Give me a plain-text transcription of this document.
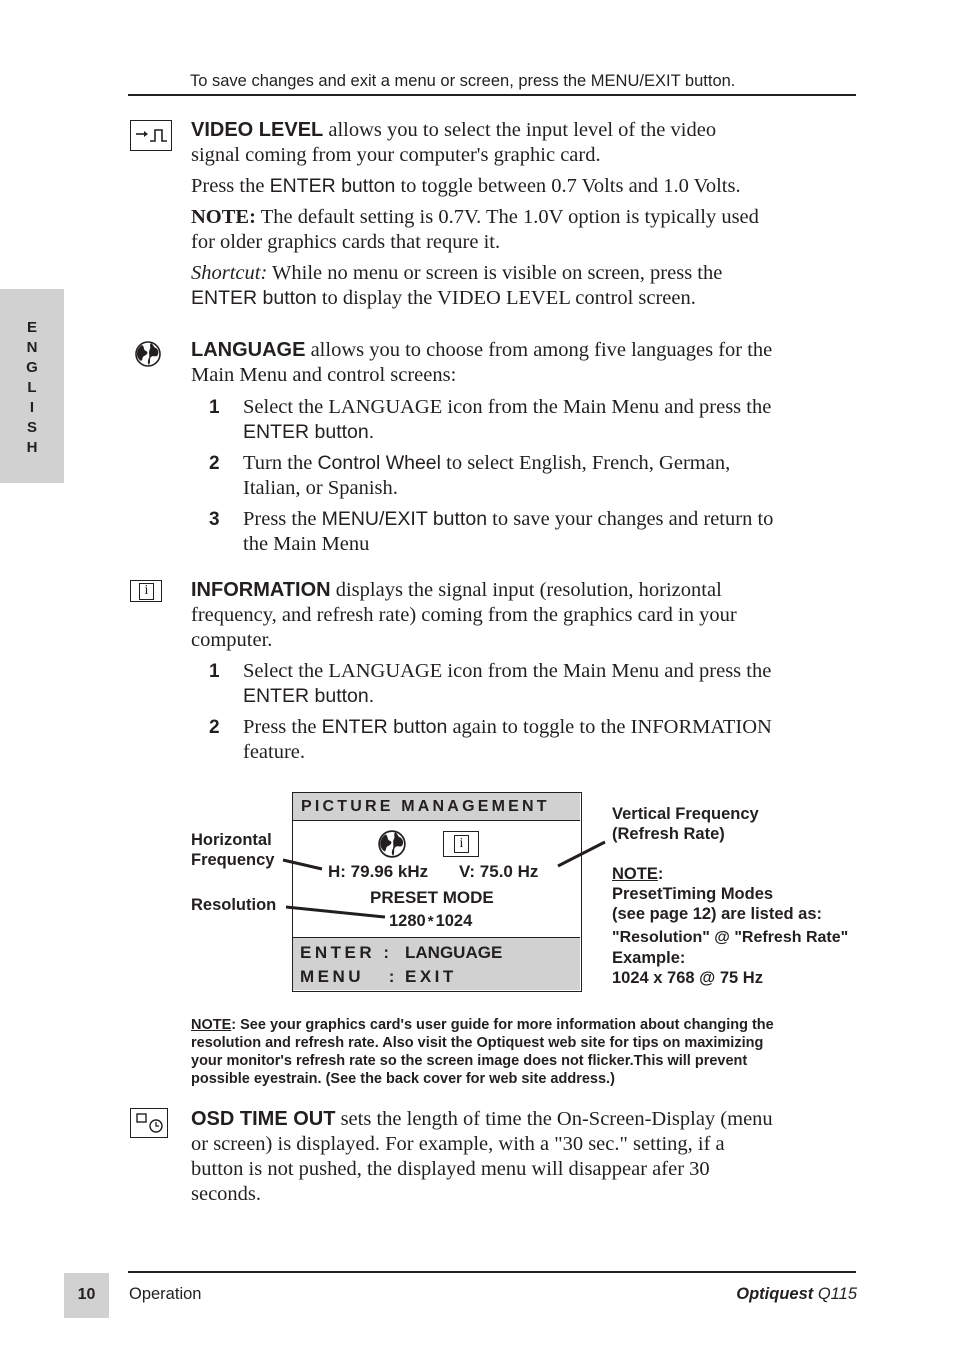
To save changes and exit a menu or screen, press the MENU/EXIT button.
E
N
G
L
I
S
H
VIDEO LEVEL allows you to select the input level of the video
signal coming from your computer's graphic card.
Press the ENTER button to toggle between 0.7 Volts and 1.0 Volts.
NOTE: The default setting is 0.7V. The 1.0V option is typically used
for older graphics cards that requre it.
Shortcut: While no menu or screen is visible on screen, press the
ENTER button to display the VIDEO LEVEL control screen.
LANGUAGE allows you to choose from among five languages for the
Main Menu and control screens:
1 Select the LANGUAGE icon from the Main Menu and press the
ENTER button.
2 Turn the Control Wheel to select English, French, German,
Italian, or Spanish.
3 Press the MENU/EXIT button to save your changes and return to
the Main Menu
i INFORMATION displays the signal input (resolution, horizontal
frequency, and refresh rate) coming from the graphics card in your
computer.
1 Select the LANGUAGE icon from the Main Menu and press the
ENTER button.
2 Press the ENTER button again to toggle to the INFORMATION
feature.
PICTURE MANAGEMENT
i
H: 79.96 kHz V: 75.0 Hz
PRESET MODE
1280 * 1024
ENTER : LANGUAGE
MENU   : EXIT
Horizontal
Frequency
Resolution
Vertical Frequency
(Refresh Rate)
NOTE:
PresetTiming Modes
(see page 12) are listed as:
"Resolution" @ "Refresh Rate"
Example:
1024 x 768 @ 75 Hz
NOTE: See your graphics card's user guide for more information about changing the
resolution and refresh rate. Also visit the Optiquest web site for tips on maximizing
your monitor's refresh rate so the screen image does not flicker.This will prevent
possible eyestrain. (See the back cover for web site address.)
OSD TIME OUT sets the length of time the On-Screen-Display (menu
or screen) is displayed. For example, with a "30 sec." setting, if a
button is not pushed, the displayed menu will disappear afer 30
seconds.
10	Operation	Optiquest Q115
